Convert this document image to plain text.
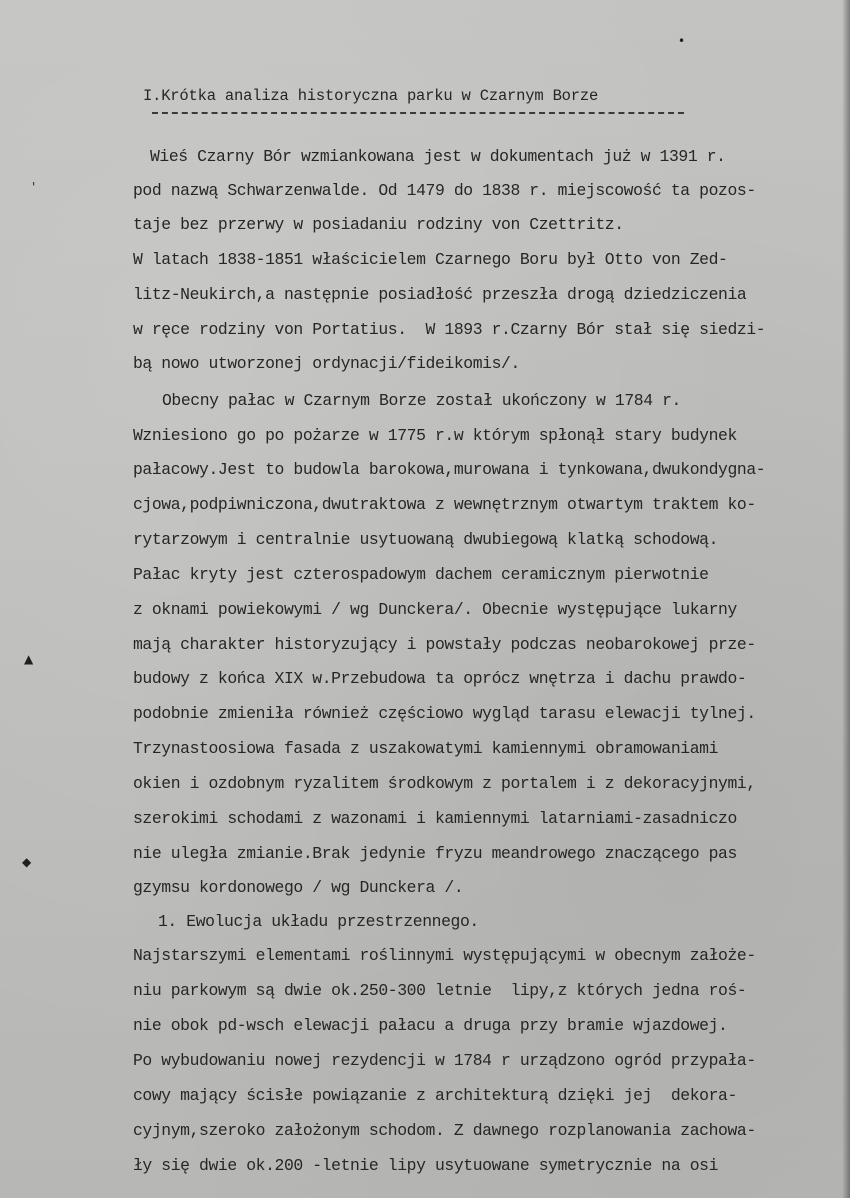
•
'
▲
◆
I.Krótka analiza historyczna parku w Czarnym Borze
Wieś Czarny Bór wzmiankowana jest w dokumentach już w 1391 r.
pod nazwą Schwarzenwalde. Od 1479 do 1838 r. miejscowość ta pozos-
taje bez przerwy w posiadaniu rodziny von Czettritz.
W latach 1838-1851 właścicielem Czarnego Boru był Otto von Zed-
litz-Neukirch,a następnie posiadłość przeszła drogą dziedziczenia
w ręce rodziny von Portatius.  W 1893 r.Czarny Bór stał się siedzi-
bą nowo utworzonej ordynacji/fideikomis/.
Obecny pałac w Czarnym Borze został ukończony w 1784 r.
Wzniesiono go po pożarze w 1775 r.w którym spłonął stary budynek
pałacowy.Jest to budowla barokowa,murowana i tynkowana,dwukondygna-
cjowa,podpiwniczona,dwutraktowa z wewnętrznym otwartym traktem ko-
rytarzowym i centralnie usytuowaną dwubiegową klatką schodową.
Pałac kryty jest czterospadowym dachem ceramicznym pierwotnie
z oknami powiekowymi / wg Dunckera/. Obecnie występujące lukarny
mają charakter historyzujący i powstały podczas neobarokowej prze-
budowy z końca XIX w.Przebudowa ta oprócz wnętrza i dachu prawdo-
podobnie zmieniła również częściowo wygląd tarasu elewacji tylnej.
Trzynastoosiowa fasada z uszakowatymi kamiennymi obramowaniami
okien i ozdobnym ryzalitem środkowym z portalem i z dekoracyjnymi,
szerokimi schodami z wazonami i kamiennymi latarniami-zasadniczo
nie uległa zmianie.Brak jedynie fryzu meandrowego znaczącego pas
gzymsu kordonowego / wg Dunckera /.
1. Ewolucja układu przestrzennego.
Najstarszymi elementami roślinnymi występującymi w obecnym założe-
niu parkowym są dwie ok.250-300 letnie  lipy,z których jedna roś-
nie obok pd-wsch elewacji pałacu a druga przy bramie wjazdowej.
Po wybudowaniu nowej rezydencji w 1784 r urządzono ogród przypała-
cowy mający ścisłe powiązanie z architekturą dzięki jej  dekora-
cyjnym,szeroko założonym schodom. Z dawnego rozplanowania zachowa-
ły się dwie ok.200 -letnie lipy usytuowane symetrycznie na osi
